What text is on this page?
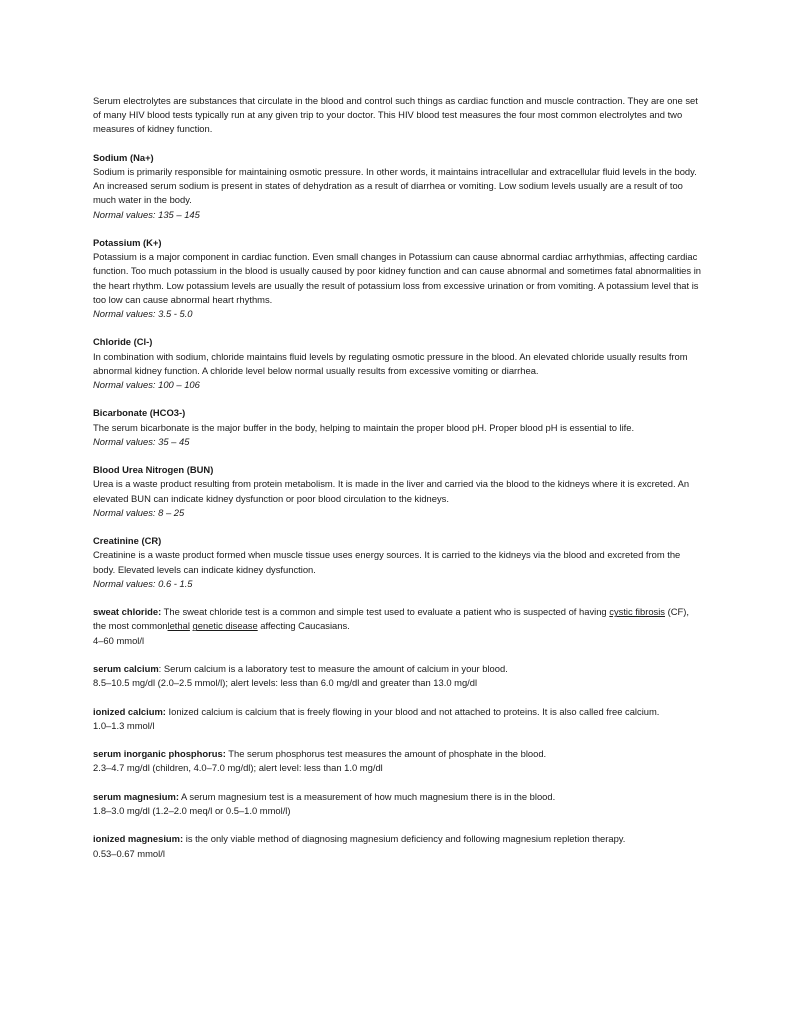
Serum electrolytes are substances that circulate in the blood and control such things as cardiac function and muscle contraction. They are one set of many HIV blood tests typically run at any given trip to your doctor. This HIV blood test measures the four most common electrolytes and two measures of kidney function.

Sodium (Na+)

Sodium is primarily responsible for maintaining osmotic pressure. In other words, it maintains intracellular and extracellular fluid levels in the body. An increased serum sodium is present in states of dehydration as a result of diarrhea or vomiting. Low sodium levels usually are a result of too much water in the body.

Normal values: 135 – 145

Potassium (K+)

Potassium is a major component in cardiac function. Even small changes in Potassium can cause abnormal cardiac arrhythmias, affecting cardiac function. Too much potassium in the blood is usually caused by poor kidney function and can cause abnormal and sometimes fatal abnormalities in the heart rhythm. Low potassium levels are usually the result of potassium loss from excessive urination or from vomiting. A potassium level that is too low can cause abnormal heart rhythms.

Normal values: 3.5 - 5.0

Chloride (Cl-)

In combination with sodium, chloride maintains fluid levels by regulating osmotic pressure in the blood. An elevated chloride usually results from abnormal kidney function. A chloride level below normal usually results from excessive vomiting or diarrhea.

Normal values: 100 – 106

Bicarbonate (HCO3-)

The serum bicarbonate is the major buffer in the body, helping to maintain the proper blood pH. Proper blood pH is essential to life.

Normal values: 35 – 45

Blood Urea Nitrogen (BUN)

Urea is a waste product resulting from protein metabolism. It is made in the liver and carried via the blood to the kidneys where it is excreted. An elevated BUN can indicate kidney dysfunction or poor blood circulation to the kidneys.

Normal values: 8 – 25

Creatinine (CR)

Creatinine is a waste product formed when muscle tissue uses energy sources. It is carried to the kidneys via the blood and excreted from the body. Elevated levels can indicate kidney dysfunction.

Normal values: 0.6 - 1.5

sweat chloride: The sweat chloride test is a common and simple test used to evaluate a patient who is suspected of having cystic fibrosis (CF), the most commonlethal genetic disease affecting Caucasians.

4–60 mmol/l

serum calcium: Serum calcium is a laboratory test to measure the amount of calcium in your blood.

8.5–10.5 mg/dl (2.0–2.5 mmol/l); alert levels: less than 6.0 mg/dl and greater than 13.0 mg/dl

ionized calcium: Ionized calcium is calcium that is freely flowing in your blood and not attached to proteins. It is also called free calcium.

1.0–1.3 mmol/l

serum inorganic phosphorus: The serum phosphorus test measures the amount of phosphate in the blood.

2.3–4.7 mg/dl (children, 4.0–7.0 mg/dl); alert level: less than 1.0 mg/dl

serum magnesium: A serum magnesium test is a measurement of how much magnesium there is in the blood.

1.8–3.0 mg/dl (1.2–2.0 meq/l or 0.5–1.0 mmol/l)

ionized magnesium: is the only viable method of diagnosing magnesium deficiency and following magnesium repletion therapy.

0.53–0.67 mmol/l
